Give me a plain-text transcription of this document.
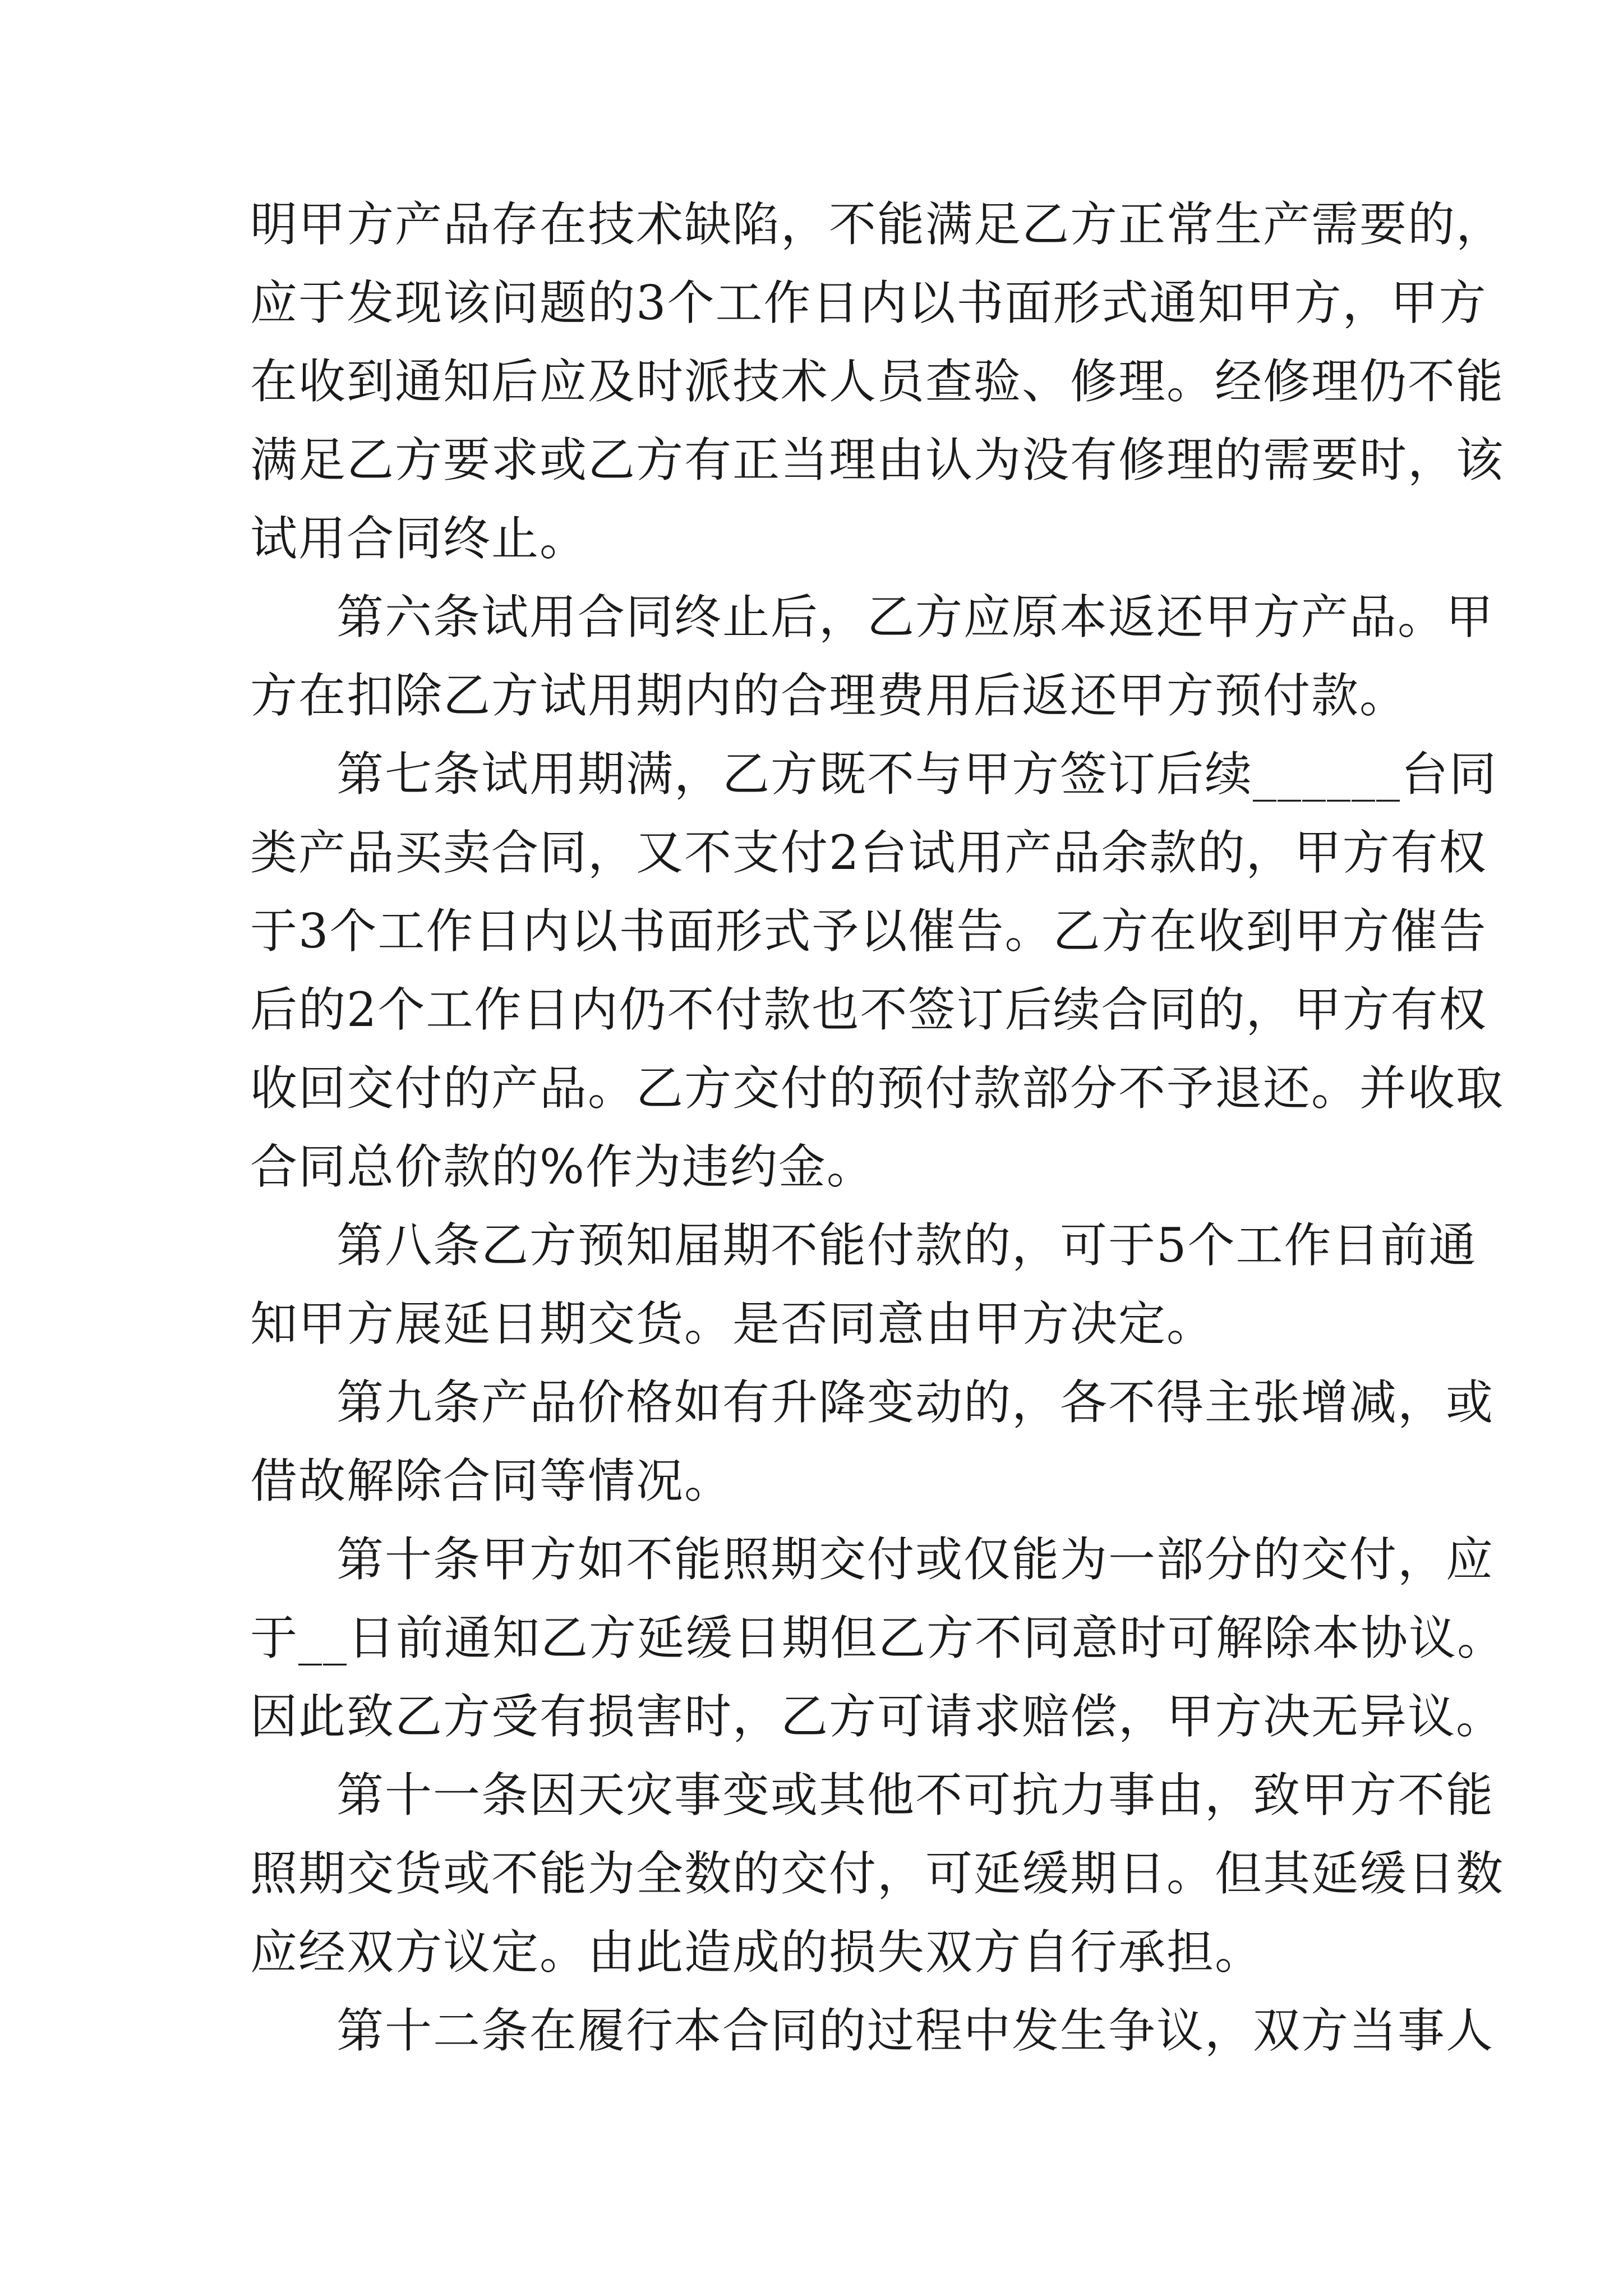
明甲方产品存在技术缺陷，不能满足乙方正常生产需要的，
应于发现该问题的3个工作日内以书面形式通知甲方，甲方
在收到通知后应及时派技术人员查验、修理。经修理仍不能
满足乙方要求或乙方有正当理由认为没有修理的需要时，该
试用合同终止。
第六条试用合同终止后，乙方应原本返还甲方产品。甲
方在扣除乙方试用期内的合理费用后返还甲方预付款。
第七条试用期满，乙方既不与甲方签订后续______台同
类产品买卖合同，又不支付2台试用产品余款的，甲方有权
于3个工作日内以书面形式予以催告。乙方在收到甲方催告
后的2个工作日内仍不付款也不签订后续合同的，甲方有权
收回交付的产品。乙方交付的预付款部分不予退还。并收取
合同总价款的%作为违约金。
第八条乙方预知届期不能付款的，可于5个工作日前通
知甲方展延日期交货。是否同意由甲方决定。
第九条产品价格如有升降变动的，各不得主张增减，或
借故解除合同等情况。
第十条甲方如不能照期交付或仅能为一部分的交付，应
于__日前通知乙方延缓日期但乙方不同意时可解除本协议。
因此致乙方受有损害时，乙方可请求赔偿，甲方决无异议。
第十一条因天灾事变或其他不可抗力事由，致甲方不能
照期交货或不能为全数的交付，可延缓期日。但其延缓日数
应经双方议定。由此造成的损失双方自行承担。
第十二条在履行本合同的过程中发生争议，双方当事人
